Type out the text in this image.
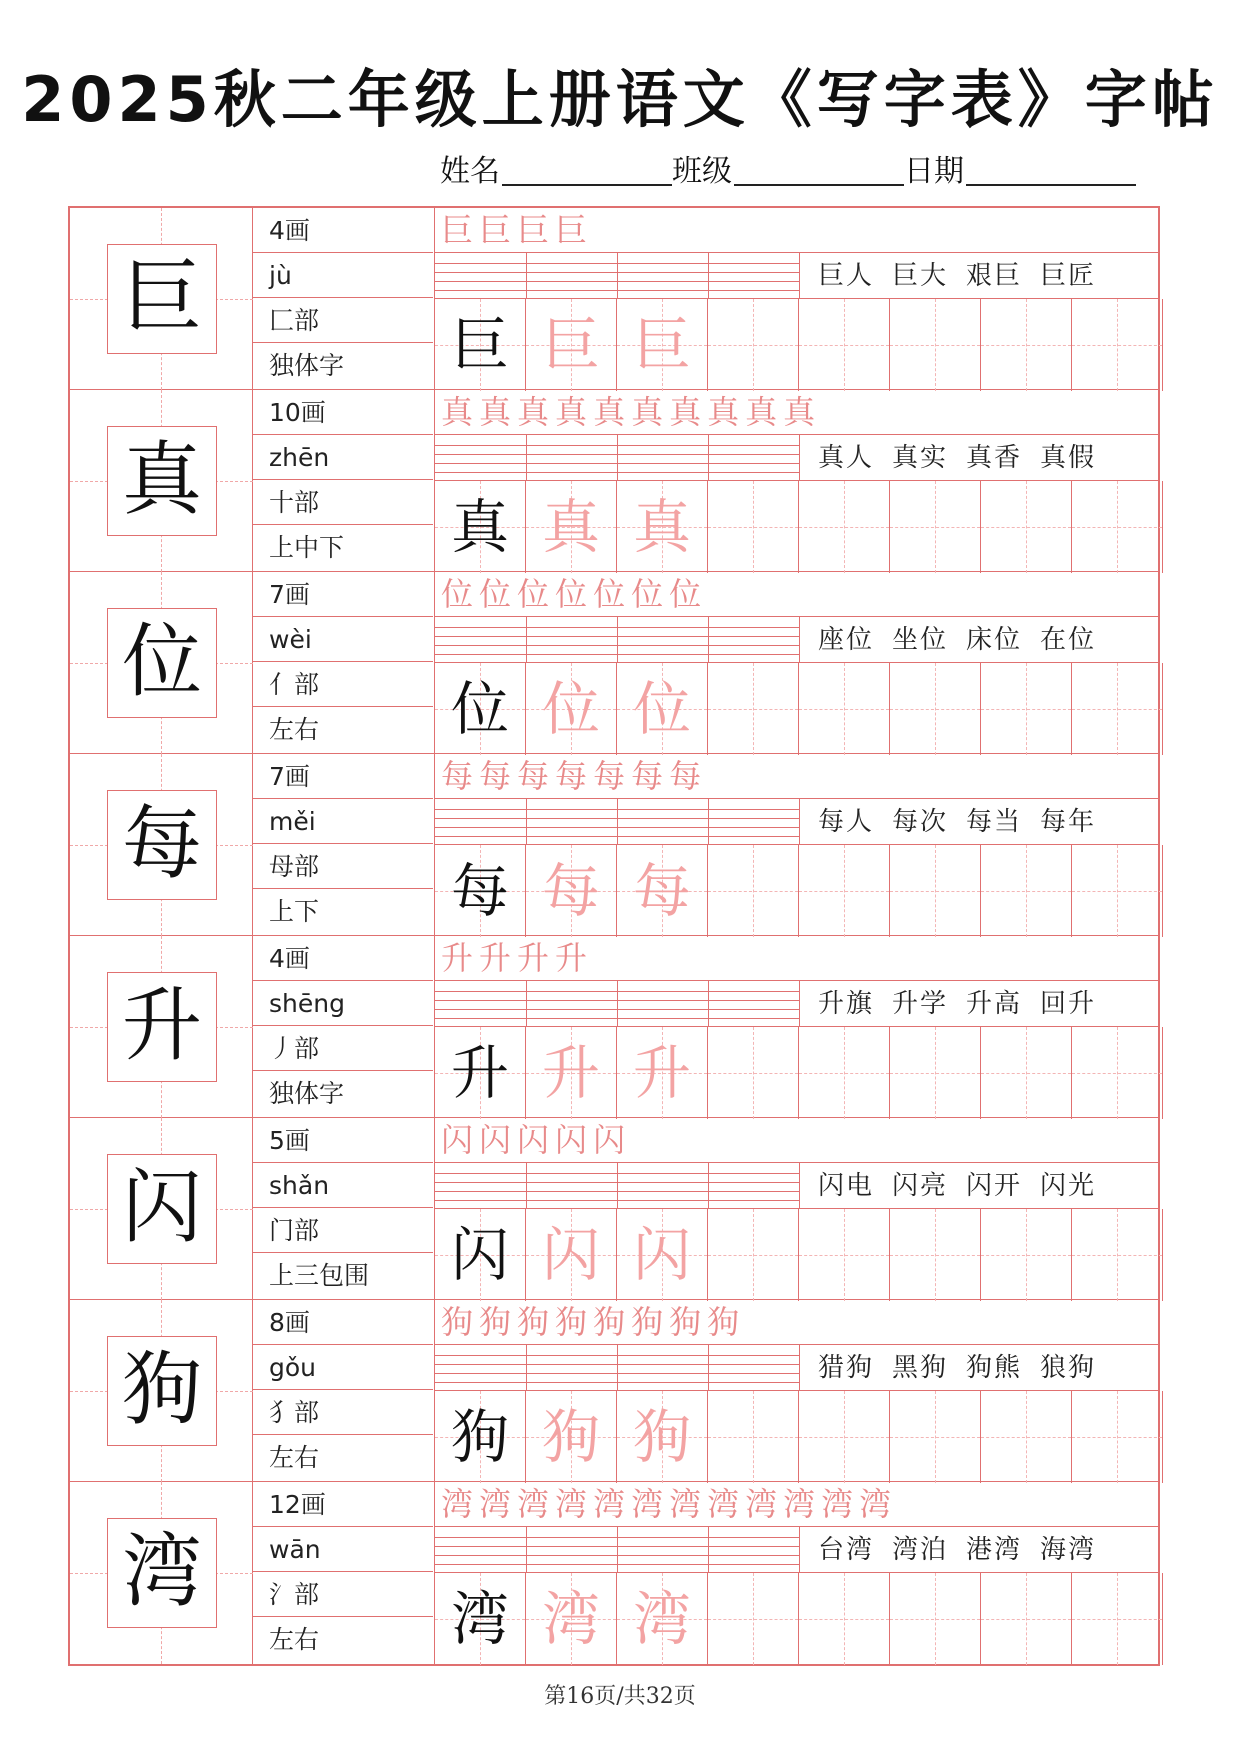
2025秋二年级上册语文《写字表》字帖
姓名	班级	日期
巨
4画
jù
匚部
独体字
巨巨巨巨
巨人 巨大 艰巨 巨匠
巨 巨 巨
真
10画
zhēn
十部
上中下
真真真真真真真真真真
真人 真实 真香 真假
真 真 真
位
7画
wèi
亻部
左右
位位位位位位位
座位 坐位 床位 在位
位 位 位
每
7画
měi
母部
上下
每每每每每每每
每人 每次 每当 每年
每 每 每
升
4画
shēng
丿部
独体字
升升升升
升旗 升学 升高 回升
升 升 升
闪
5画
shǎn
门部
上三包围
闪闪闪闪闪
闪电 闪亮 闪开 闪光
闪 闪 闪
狗
8画
gǒu
犭部
左右
狗狗狗狗狗狗狗狗
猎狗 黑狗 狗熊 狼狗
狗 狗 狗
湾
12画
wān
氵部
左右
湾湾湾湾湾湾湾湾湾湾湾湾
台湾 湾泊 港湾 海湾
湾 湾 湾
第16页/共32页
